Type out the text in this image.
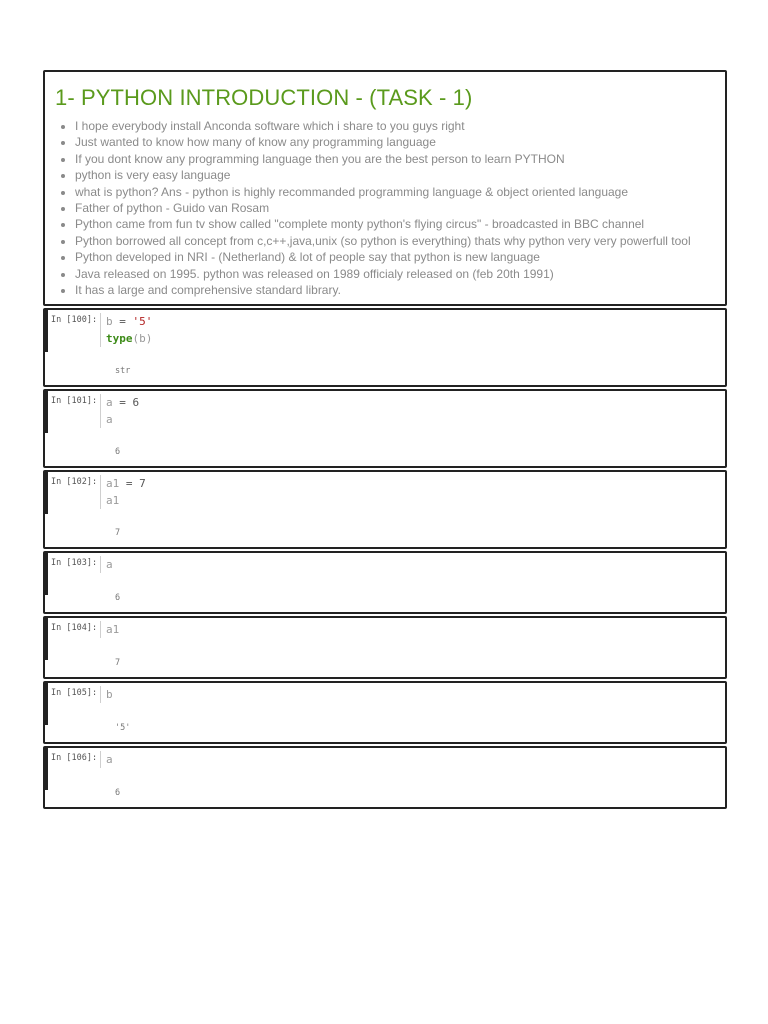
1- PYTHON INTRODUCTION - (TASK - 1)
• I hope everybody install Anconda software which i share to you guys right
• Just wanted to know how many of know any programming language
• If you dont know any programming language then you are the best person to learn PYTHON
• python is very easy language
• what is python? Ans - python is highly recommanded programming language & object oriented language
• Father of python - Guido van Rosam
• Python came from fun tv show called "complete monty python's flying circus" - broadcasted in BBC channel
• Python borrowed all concept from c,c++,java,unix (so python is everything) thats why python very very powerfull tool
• Python developed in NRI - (Netherland) & lot of people say that python is new language
• Java released on 1995. python was released on 1989 officialy released on (feb 20th 1991)
• It has a large and comprehensive standard library.
In [100]: b = '5'
type(b)
str
In [101]: a = 6
a
6
In [102]: a1 = 7
a1
7
In [103]: a
6
In [104]: a1
7
In [105]: b
'5'
In [106]: a
6
